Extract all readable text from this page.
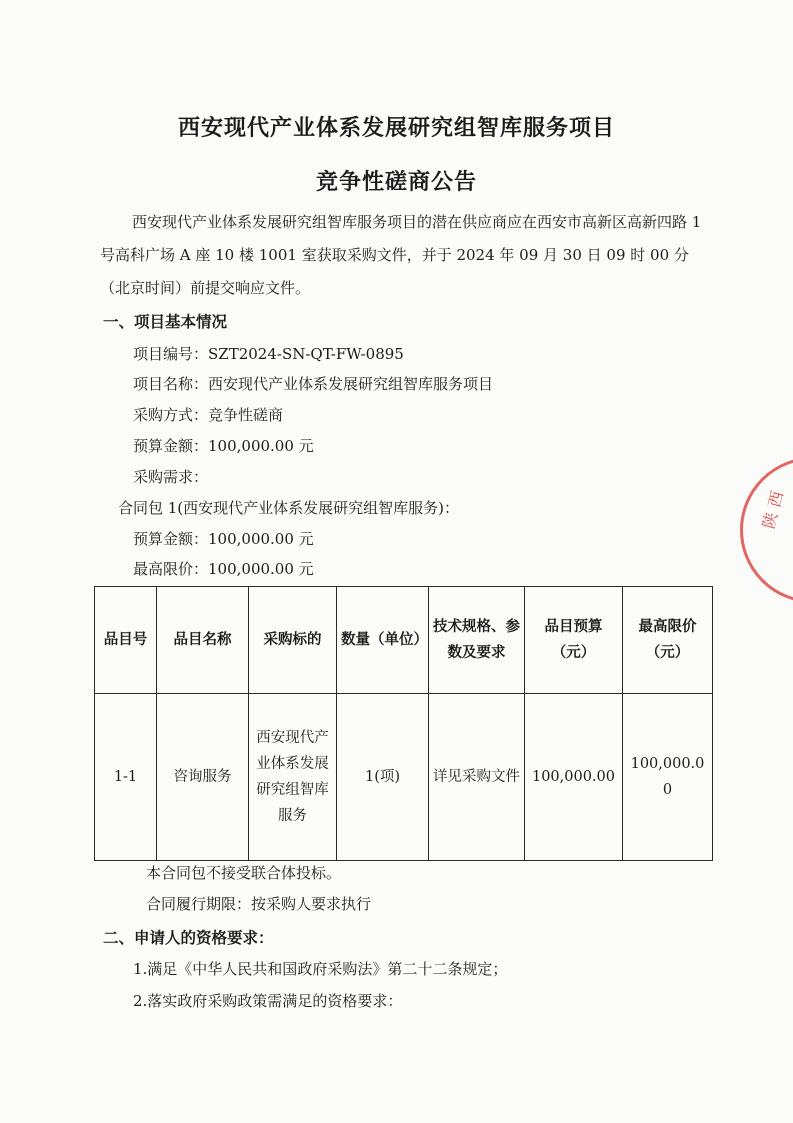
西安现代产业体系发展研究组智库服务项目
竞争性磋商公告
西安现代产业体系发展研究组智库服务项目的潜在供应商应在西安市高新区高新四路 1 号高科广场 A 座 10 楼 1001 室获取采购文件，并于 2024 年 09 月 30 日 09 时 00 分（北京时间）前提交响应文件。
一、项目基本情况
项目编号：SZT2024-SN-QT-FW-0895
项目名称：西安现代产业体系发展研究组智库服务项目
采购方式：竞争性磋商
预算金额：100,000.00 元
采购需求：
合同包 1(西安现代产业体系发展研究组智库服务)：
预算金额：100,000.00 元
最高限价：100,000.00 元
品目号	品目名称	采购标的	数量（单位）	技术规格、参数及要求	品目预算（元）	最高限价（元）
1-1	咨询服务	西安现代产业体系发展研究组智库服务	1(项)	详见采购文件	100,000.00	100,000.00
本合同包不接受联合体投标。
合同履行期限：按采购人要求执行
二、申请人的资格要求：
1.满足《中华人民共和国政府采购法》第二十二条规定；
2.落实政府采购政策需满足的资格要求：
陕西
